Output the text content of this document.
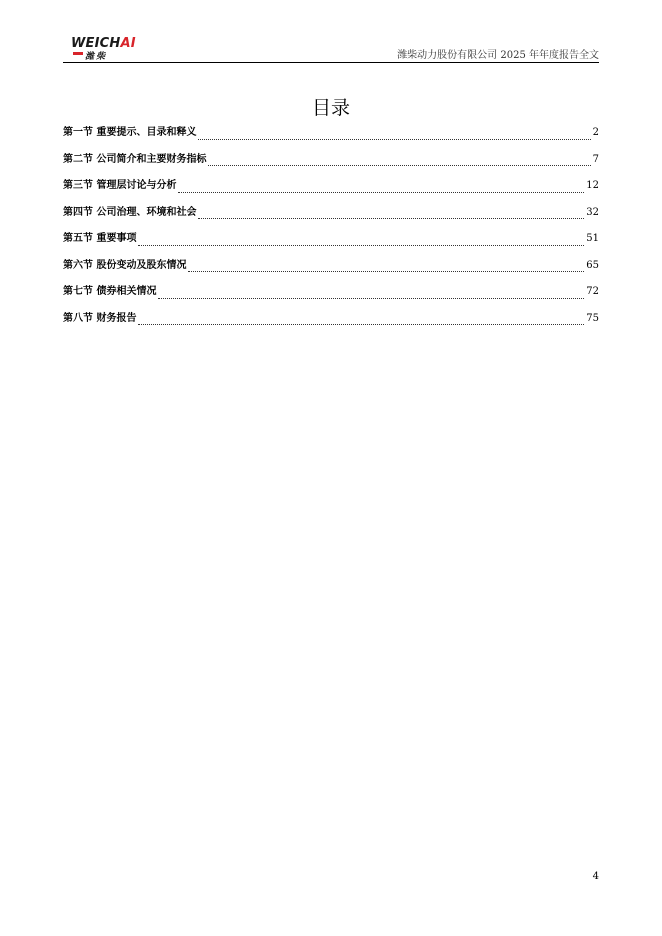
WEICHAI
潍柴	潍柴动力股份有限公司 2025 年年度报告全文
目录
第一节 重要提示、目录和释义	2
第二节 公司简介和主要财务指标	7
第三节 管理层讨论与分析	12
第四节 公司治理、环境和社会	32
第五节 重要事项	51
第六节 股份变动及股东情况	65
第七节 债券相关情况	72
第八节 财务报告	75
4
